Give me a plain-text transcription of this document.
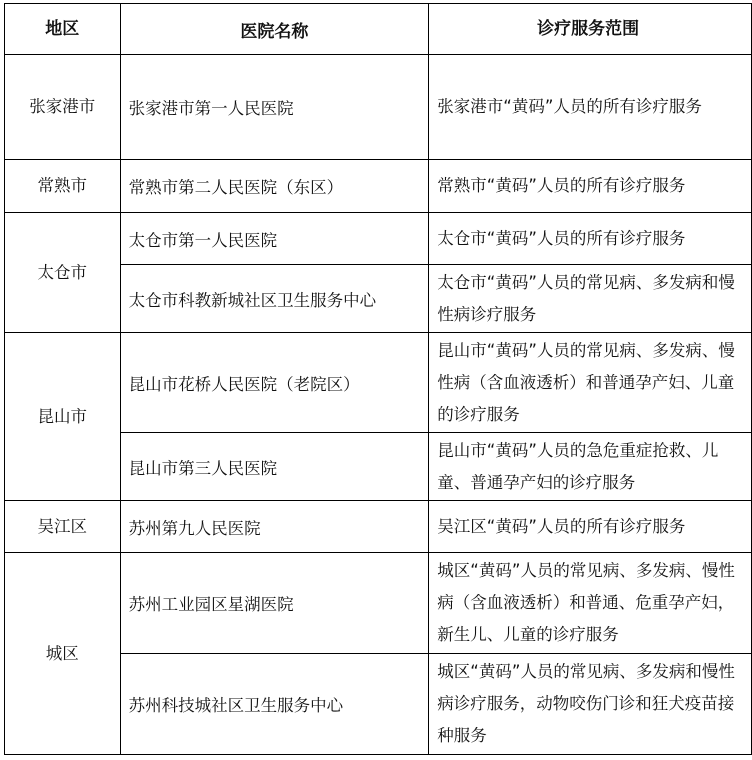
地区	医院名称	诊疗服务范围
张家港市	张家港市第一人民医院	张家港市“黄码”人员的所有诊疗服务
常熟市	常熟市第二人民医院（东区）	常熟市“黄码”人员的所有诊疗服务
太仓市	太仓市第一人民医院	太仓市“黄码”人员的所有诊疗服务
	太仓市科教新城社区卫生服务中心	太仓市“黄码”人员的常见病、多发病和慢性病诊疗服务
昆山市	昆山市花桥人民医院（老院区）	昆山市“黄码”人员的常见病、多发病、慢性病（含血液透析）和普通孕产妇、儿童的诊疗服务
	昆山市第三人民医院	昆山市“黄码”人员的急危重症抢救、儿童、普通孕产妇的诊疗服务
吴江区	苏州第九人民医院	吴江区“黄码”人员的所有诊疗服务
城区	苏州工业园区星湖医院	城区“黄码”人员的常见病、多发病、慢性病（含血液透析）和普通、危重孕产妇，新生儿、儿童的诊疗服务
	苏州科技城社区卫生服务中心	城区“黄码”人员的常见病、多发病和慢性病诊疗服务，动物咬伤门诊和狂犬疫苗接种服务
